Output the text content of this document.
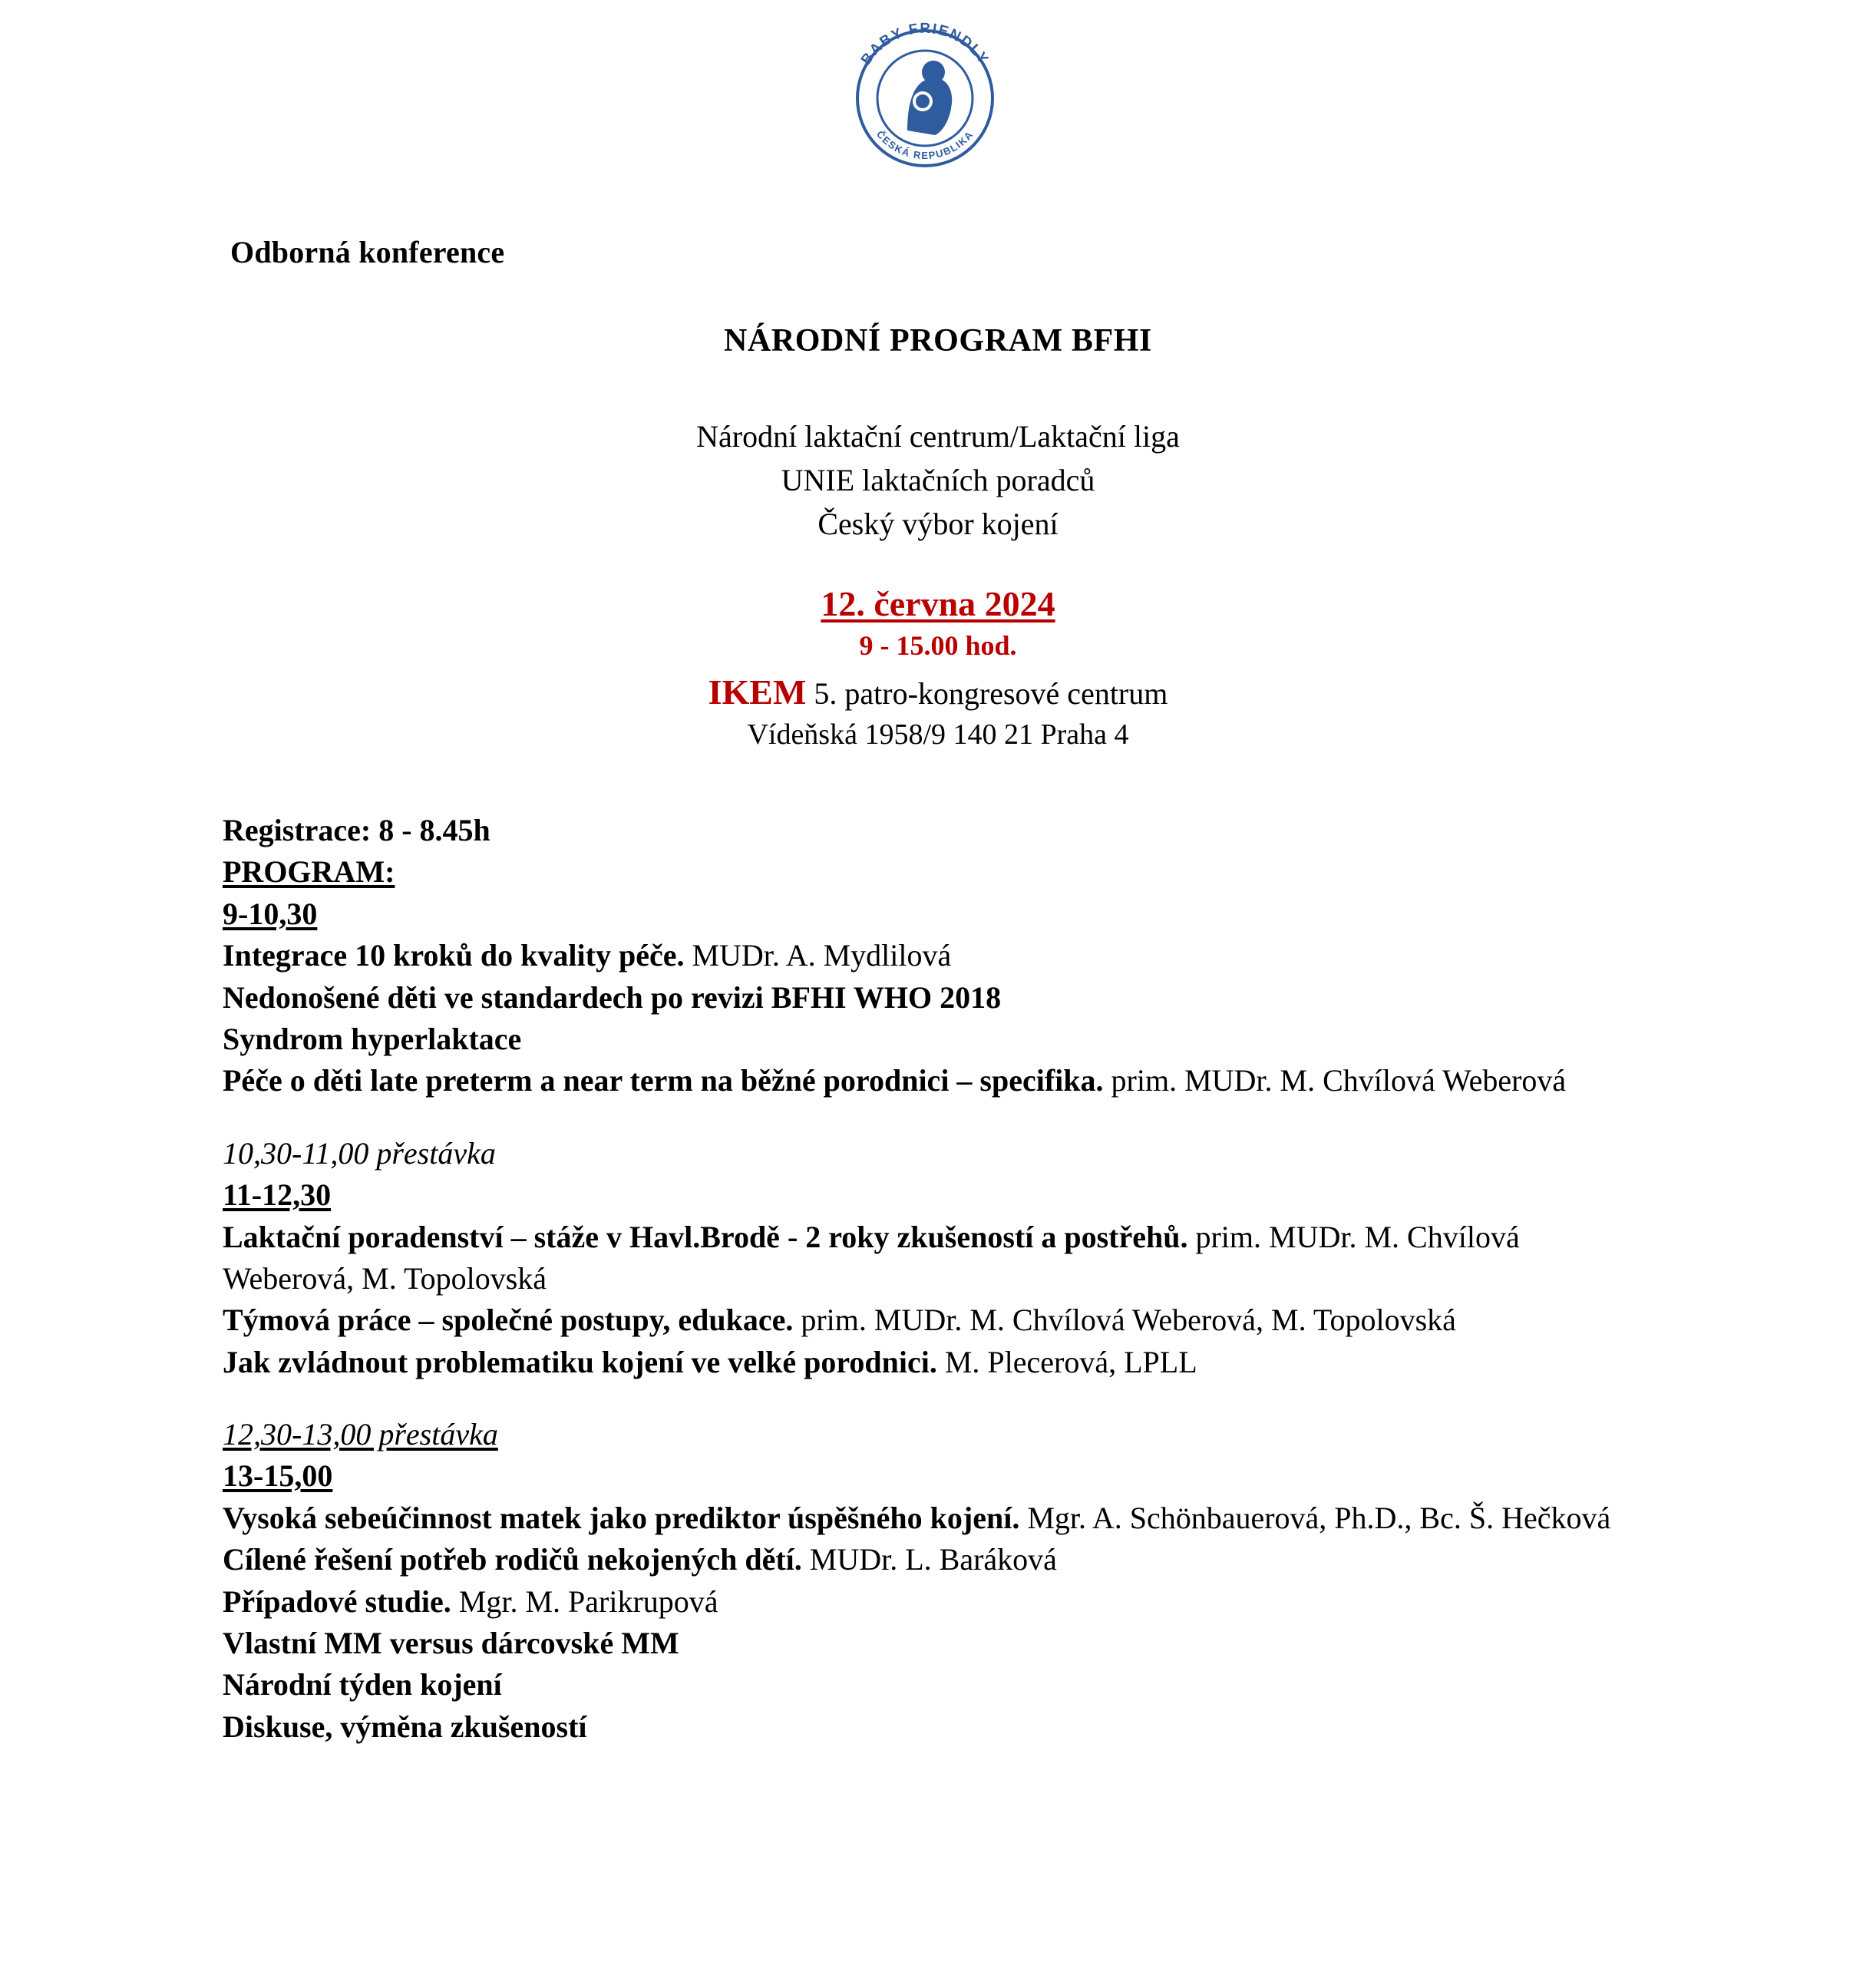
BABY FRIENDLY
ČESKÁ REPUBLIKA
Odborná konference
NÁRODNÍ PROGRAM BFHI
Národní laktační centrum/Laktační liga
UNIE laktačních poradců
Český výbor kojení
12. června 2024
9 - 15.00 hod.
IKEM 5. patro-kongresové centrum
Vídeňská 1958/9 140 21 Praha 4

Registrace: 8 - 8.45h

PROGRAM:

9-10,30

Integrace 10 kroků do kvality péče. MUDr. A. Mydlilová

Nedonošené děti ve standardech po revizi BFHI WHO 2018

Syndrom hyperlaktace

Péče o děti late preterm a near term na běžné porodnici – specifika. prim. MUDr. M. Chvílová Weberová

10,30-11,00 přestávka

11-12,30

Laktační poradenství – stáže v Havl.Brodě - 2 roky zkušeností a postřehů. prim. MUDr. M. Chvílová Weberová, M. Topolovská

Týmová práce – společné postupy, edukace. prim. MUDr. M. Chvílová Weberová, M. Topolovská

Jak zvládnout problematiku kojení ve velké porodnici. M. Plecerová, LPLL

12,30-13,00 přestávka

13-15,00

Vysoká sebeúčinnost matek jako prediktor úspěšného kojení. Mgr. A. Schönbauerová, Ph.D., Bc. Š. Hečková

Cílené řešení potřeb rodičů nekojených dětí. MUDr. L. Baráková

Případové studie. Mgr. M. Parikrupová

Vlastní MM versus dárcovské MM

Národní týden kojení

Diskuse, výměna zkušeností
